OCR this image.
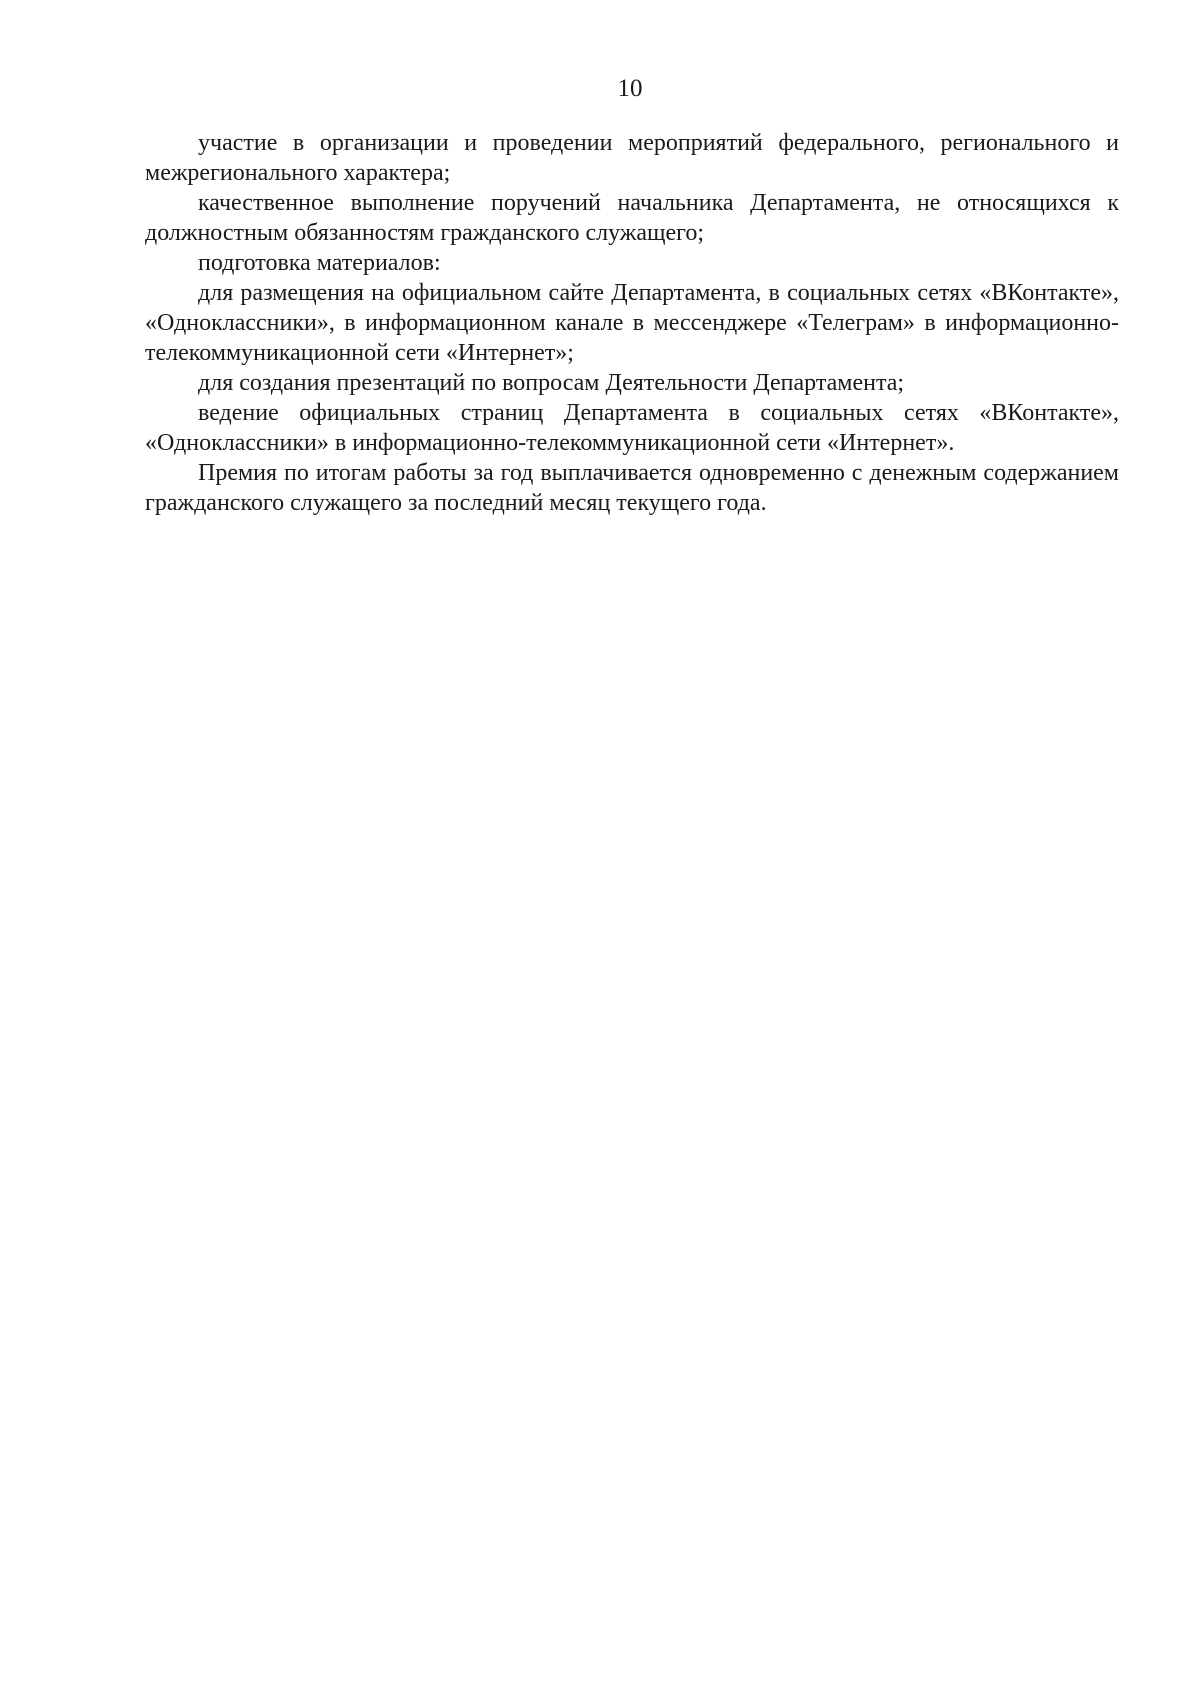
10

участие в организации и проведении мероприятий федерального, регионального и межрегионального характера;

качественное выполнение поручений начальника Департамента, не относящихся к должностным обязанностям гражданского служащего;

подготовка материалов:

для размещения на официальном сайте Департамента, в социальных сетях «ВКонтакте», «Одноклассники», в информационном канале в мессенджере «Телеграм» в информационно-телекоммуникационной сети «Интернет»;

для создания презентаций по вопросам Деятельности Департамента;

ведение официальных страниц Департамента в социальных сетях «ВКонтакте», «Одноклассники» в информационно-телекоммуникационной сети «Интернет».

Премия по итогам работы за год выплачивается одновременно с денежным содержанием гражданского служащего за последний месяц текущего года.
